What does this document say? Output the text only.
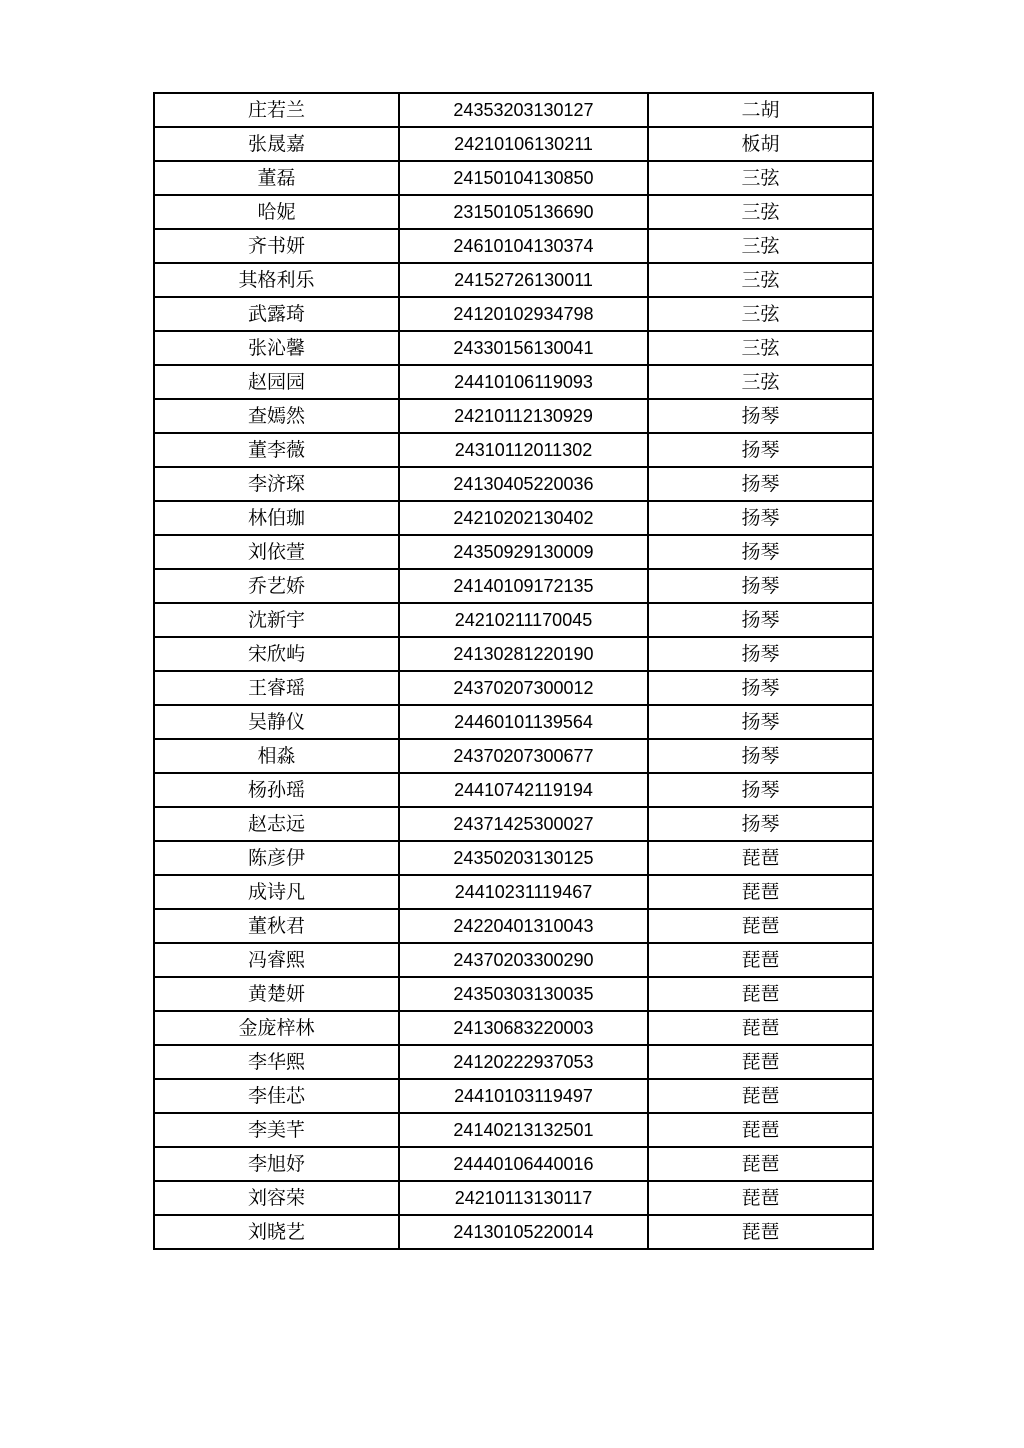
庄若兰	24353203130127	二胡
张晟嘉	24210106130211	板胡
董磊	24150104130850	三弦
哈妮	23150105136690	三弦
齐书妍	24610104130374	三弦
其格利乐	24152726130011	三弦
武露琦	24120102934798	三弦
张沁馨	24330156130041	三弦
赵园园	24410106119093	三弦
查嫣然	24210112130929	扬琴
董李薇	24310112011302	扬琴
李济琛	24130405220036	扬琴
林伯珈	24210202130402	扬琴
刘依萱	24350929130009	扬琴
乔艺娇	24140109172135	扬琴
沈新宇	24210211170045	扬琴
宋欣屿	24130281220190	扬琴
王睿瑶	24370207300012	扬琴
吴静仪	24460101139564	扬琴
相淼	24370207300677	扬琴
杨孙瑶	24410742119194	扬琴
赵志远	24371425300027	扬琴
陈彦伊	24350203130125	琵琶
成诗凡	24410231119467	琵琶
董秋君	24220401310043	琵琶
冯睿熙	24370203300290	琵琶
黄楚妍	24350303130035	琵琶
金庞梓林	24130683220003	琵琶
李华熙	24120222937053	琵琶
李佳芯	24410103119497	琵琶
李美芊	24140213132501	琵琶
李旭妤	24440106440016	琵琶
刘容荣	24210113130117	琵琶
刘晓艺	24130105220014	琵琶
